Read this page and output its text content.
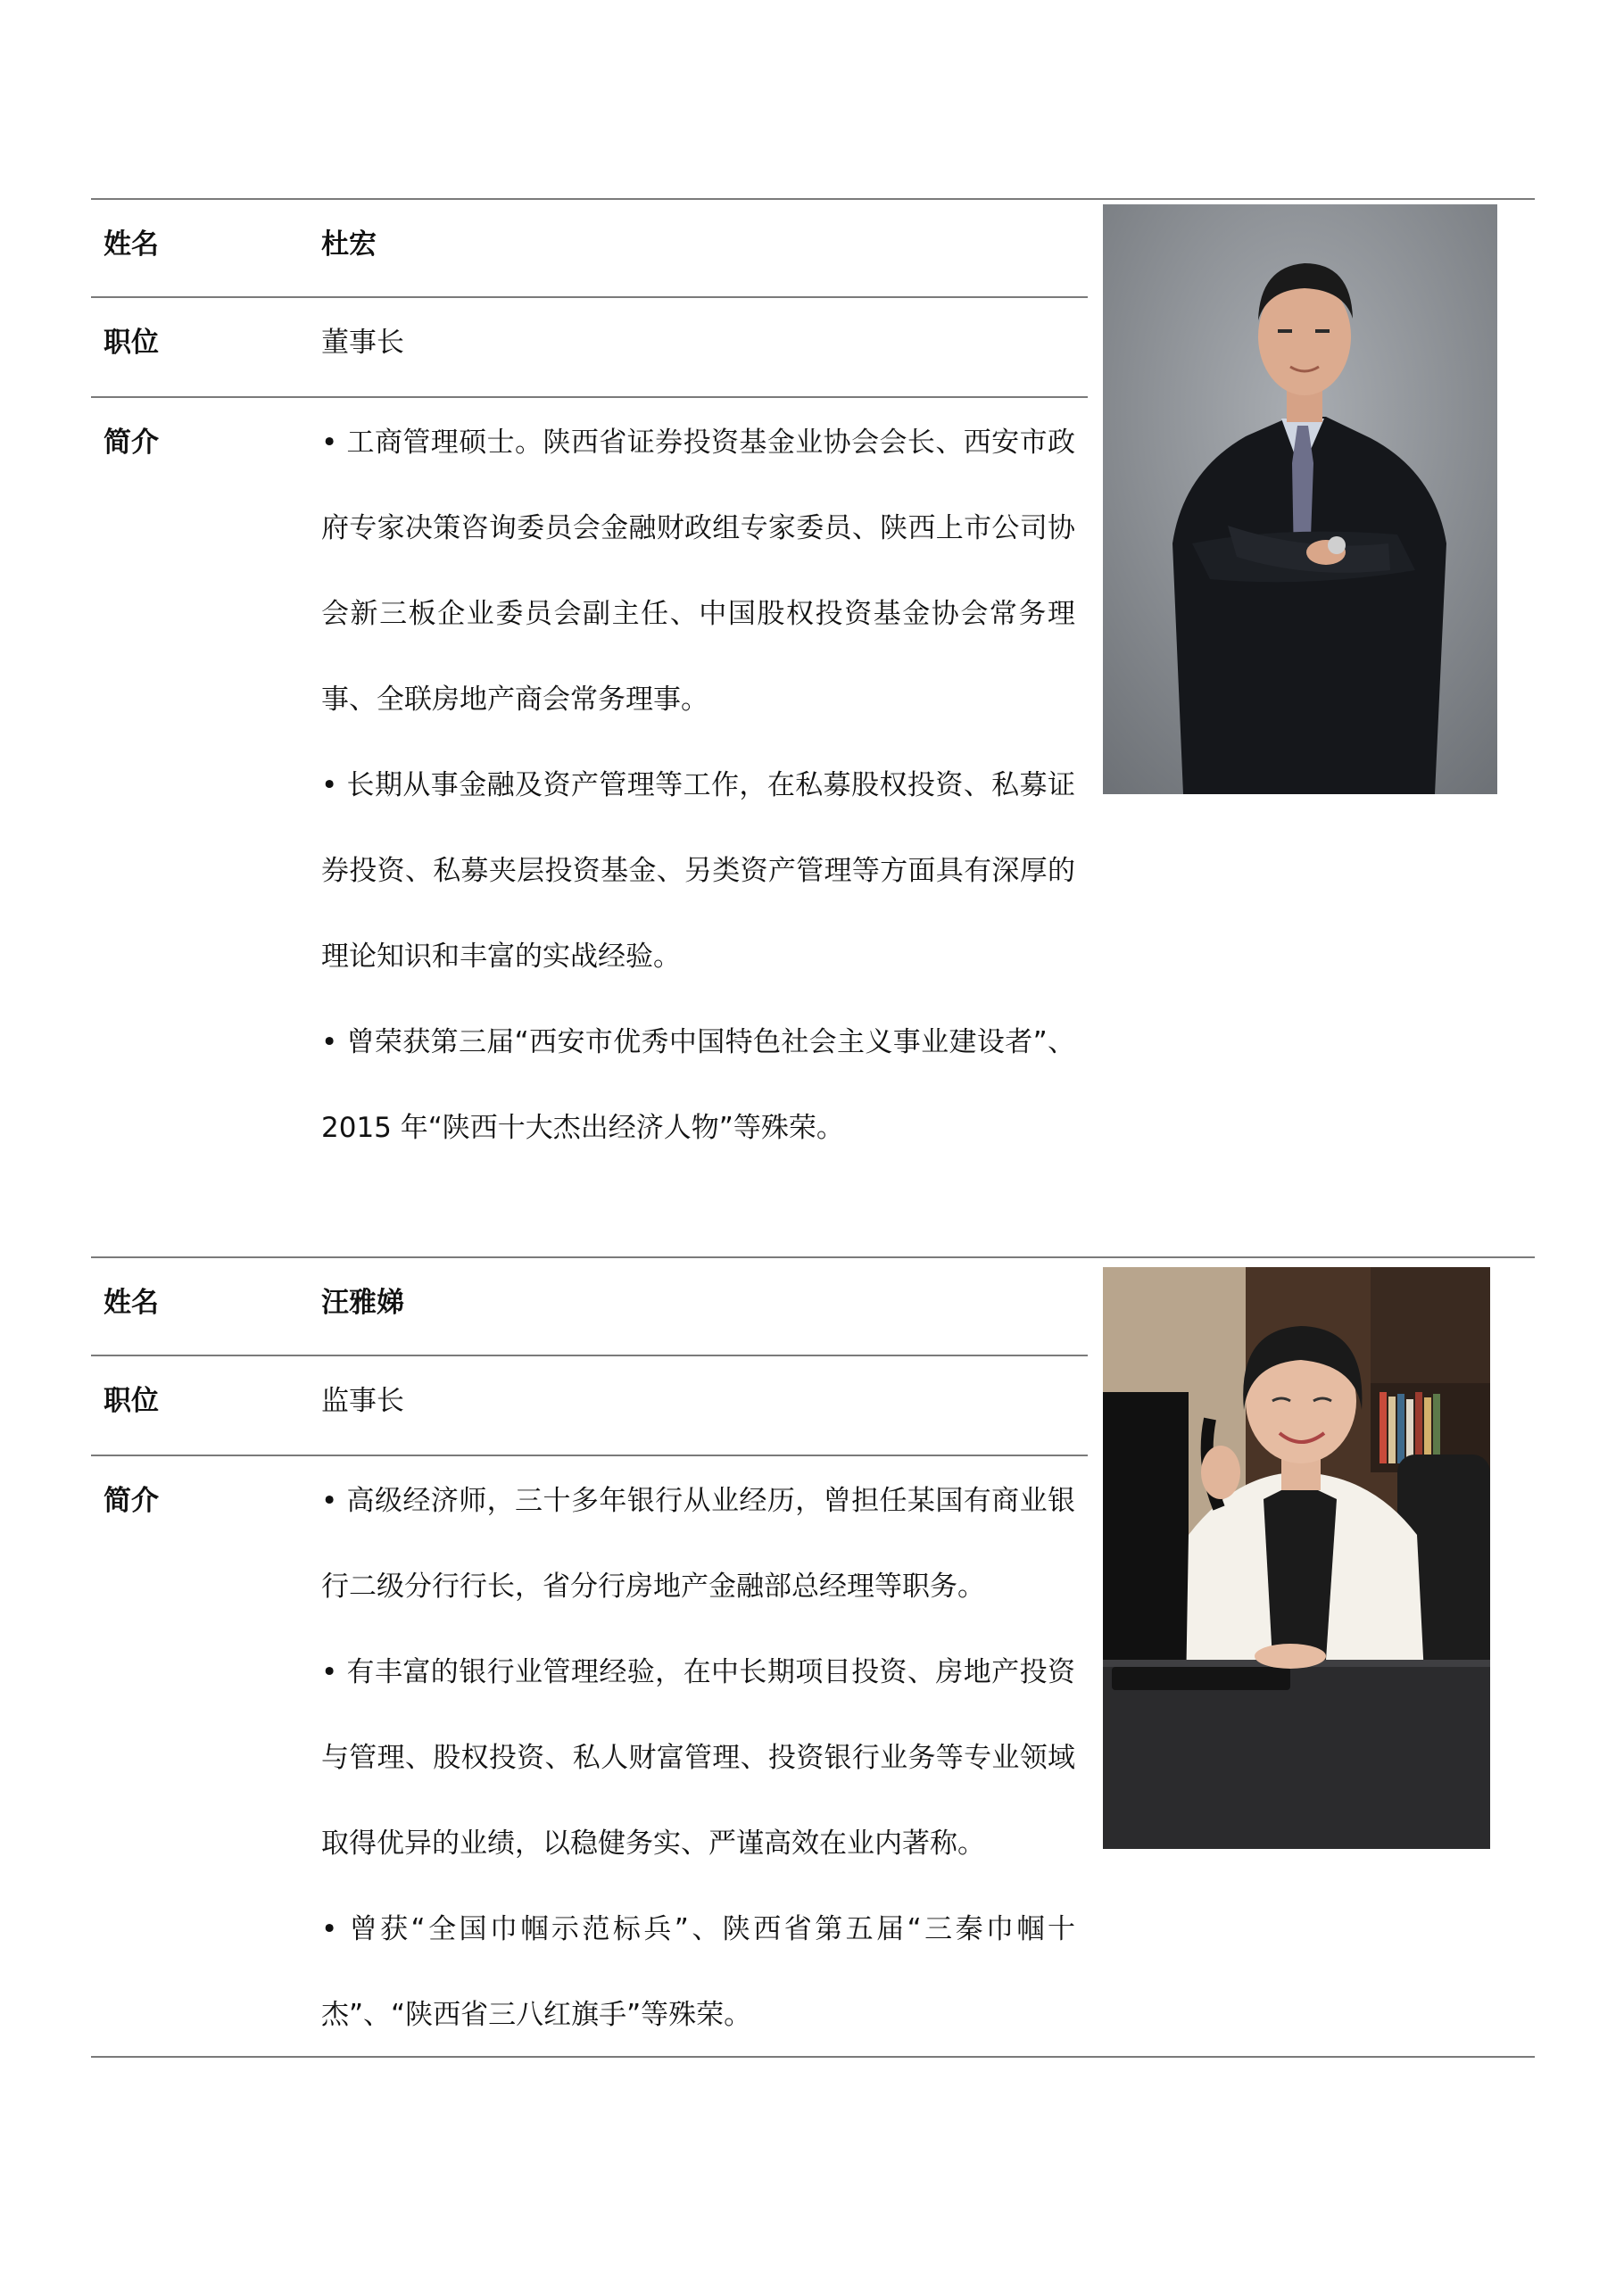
姓名	杜宏
职位	董事长
简介	• 工商管理硕士。陕西省证券投资基金业协会会长、西安市政府专家决策咨询委员会金融财政组专家委员、陕西上市公司协会新三板企业委员会副主任、中国股权投资基金协会常务理事、全联房地产商会常务理事。

• 长期从事金融及资产管理等工作，在私募股权投资、私募证券投资、私募夹层投资基金、另类资产管理等方面具有深厚的理论知识和丰富的实战经验。

• 曾荣获第三届“西安市优秀中国特色社会主义事业建设者”、2015 年“陕西十大杰出经济人物”等殊荣。

姓名	汪雅娣
职位	监事长
简介	• 高级经济师，三十多年银行从业经历，曾担任某国有商业银行二级分行行长，省分行房地产金融部总经理等职务。

• 有丰富的银行业管理经验，在中长期项目投资、房地产投资与管理、股权投资、私人财富管理、投资银行业务等专业领域取得优异的业绩，以稳健务实、严谨高效在业内著称。

• 曾获“全国巾帼示范标兵”、陕西省第五届“三秦巾帼十杰”、“陕西省三八红旗手”等殊荣。
